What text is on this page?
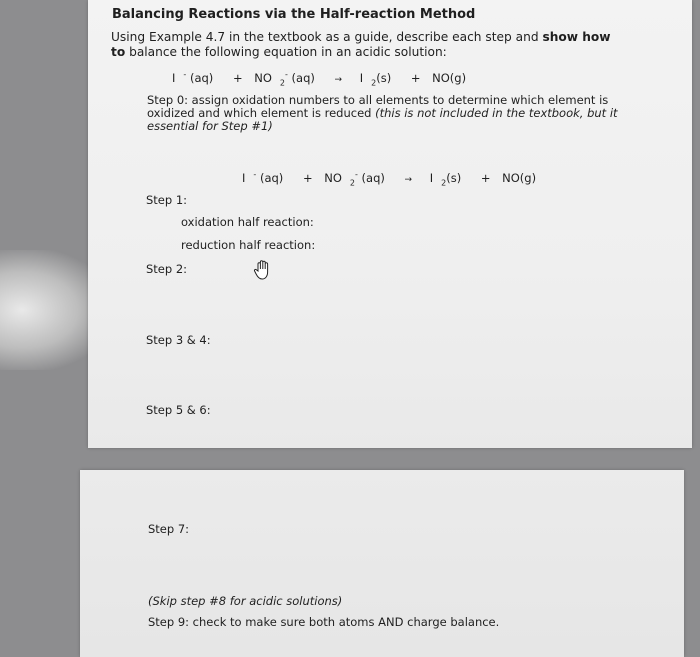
Balancing Reactions via the Half-reaction Method
Using Example 4.7 in the textbook as a guide, describe each step and show how to balance the following equation in an acidic solution:
I - (aq) + NO $_2$- (aq) → I $_2$(s) + NO(g)
Step 0: assign oxidation numbers to all elements to determine which element is oxidized and which element is reduced (this is not included in the textbook, but it essential for Step #1)
I - (aq) + NO $_2$- (aq) → I $_2$(s) + NO(g)
Step 1:
oxidation half reaction:
reduction half reaction:
Step 2:
Step 3 & 4:
Step 5 & 6:
Step 7:
(Skip step #8 for acidic solutions)
Step 9: check to make sure both atoms AND charge balance.
